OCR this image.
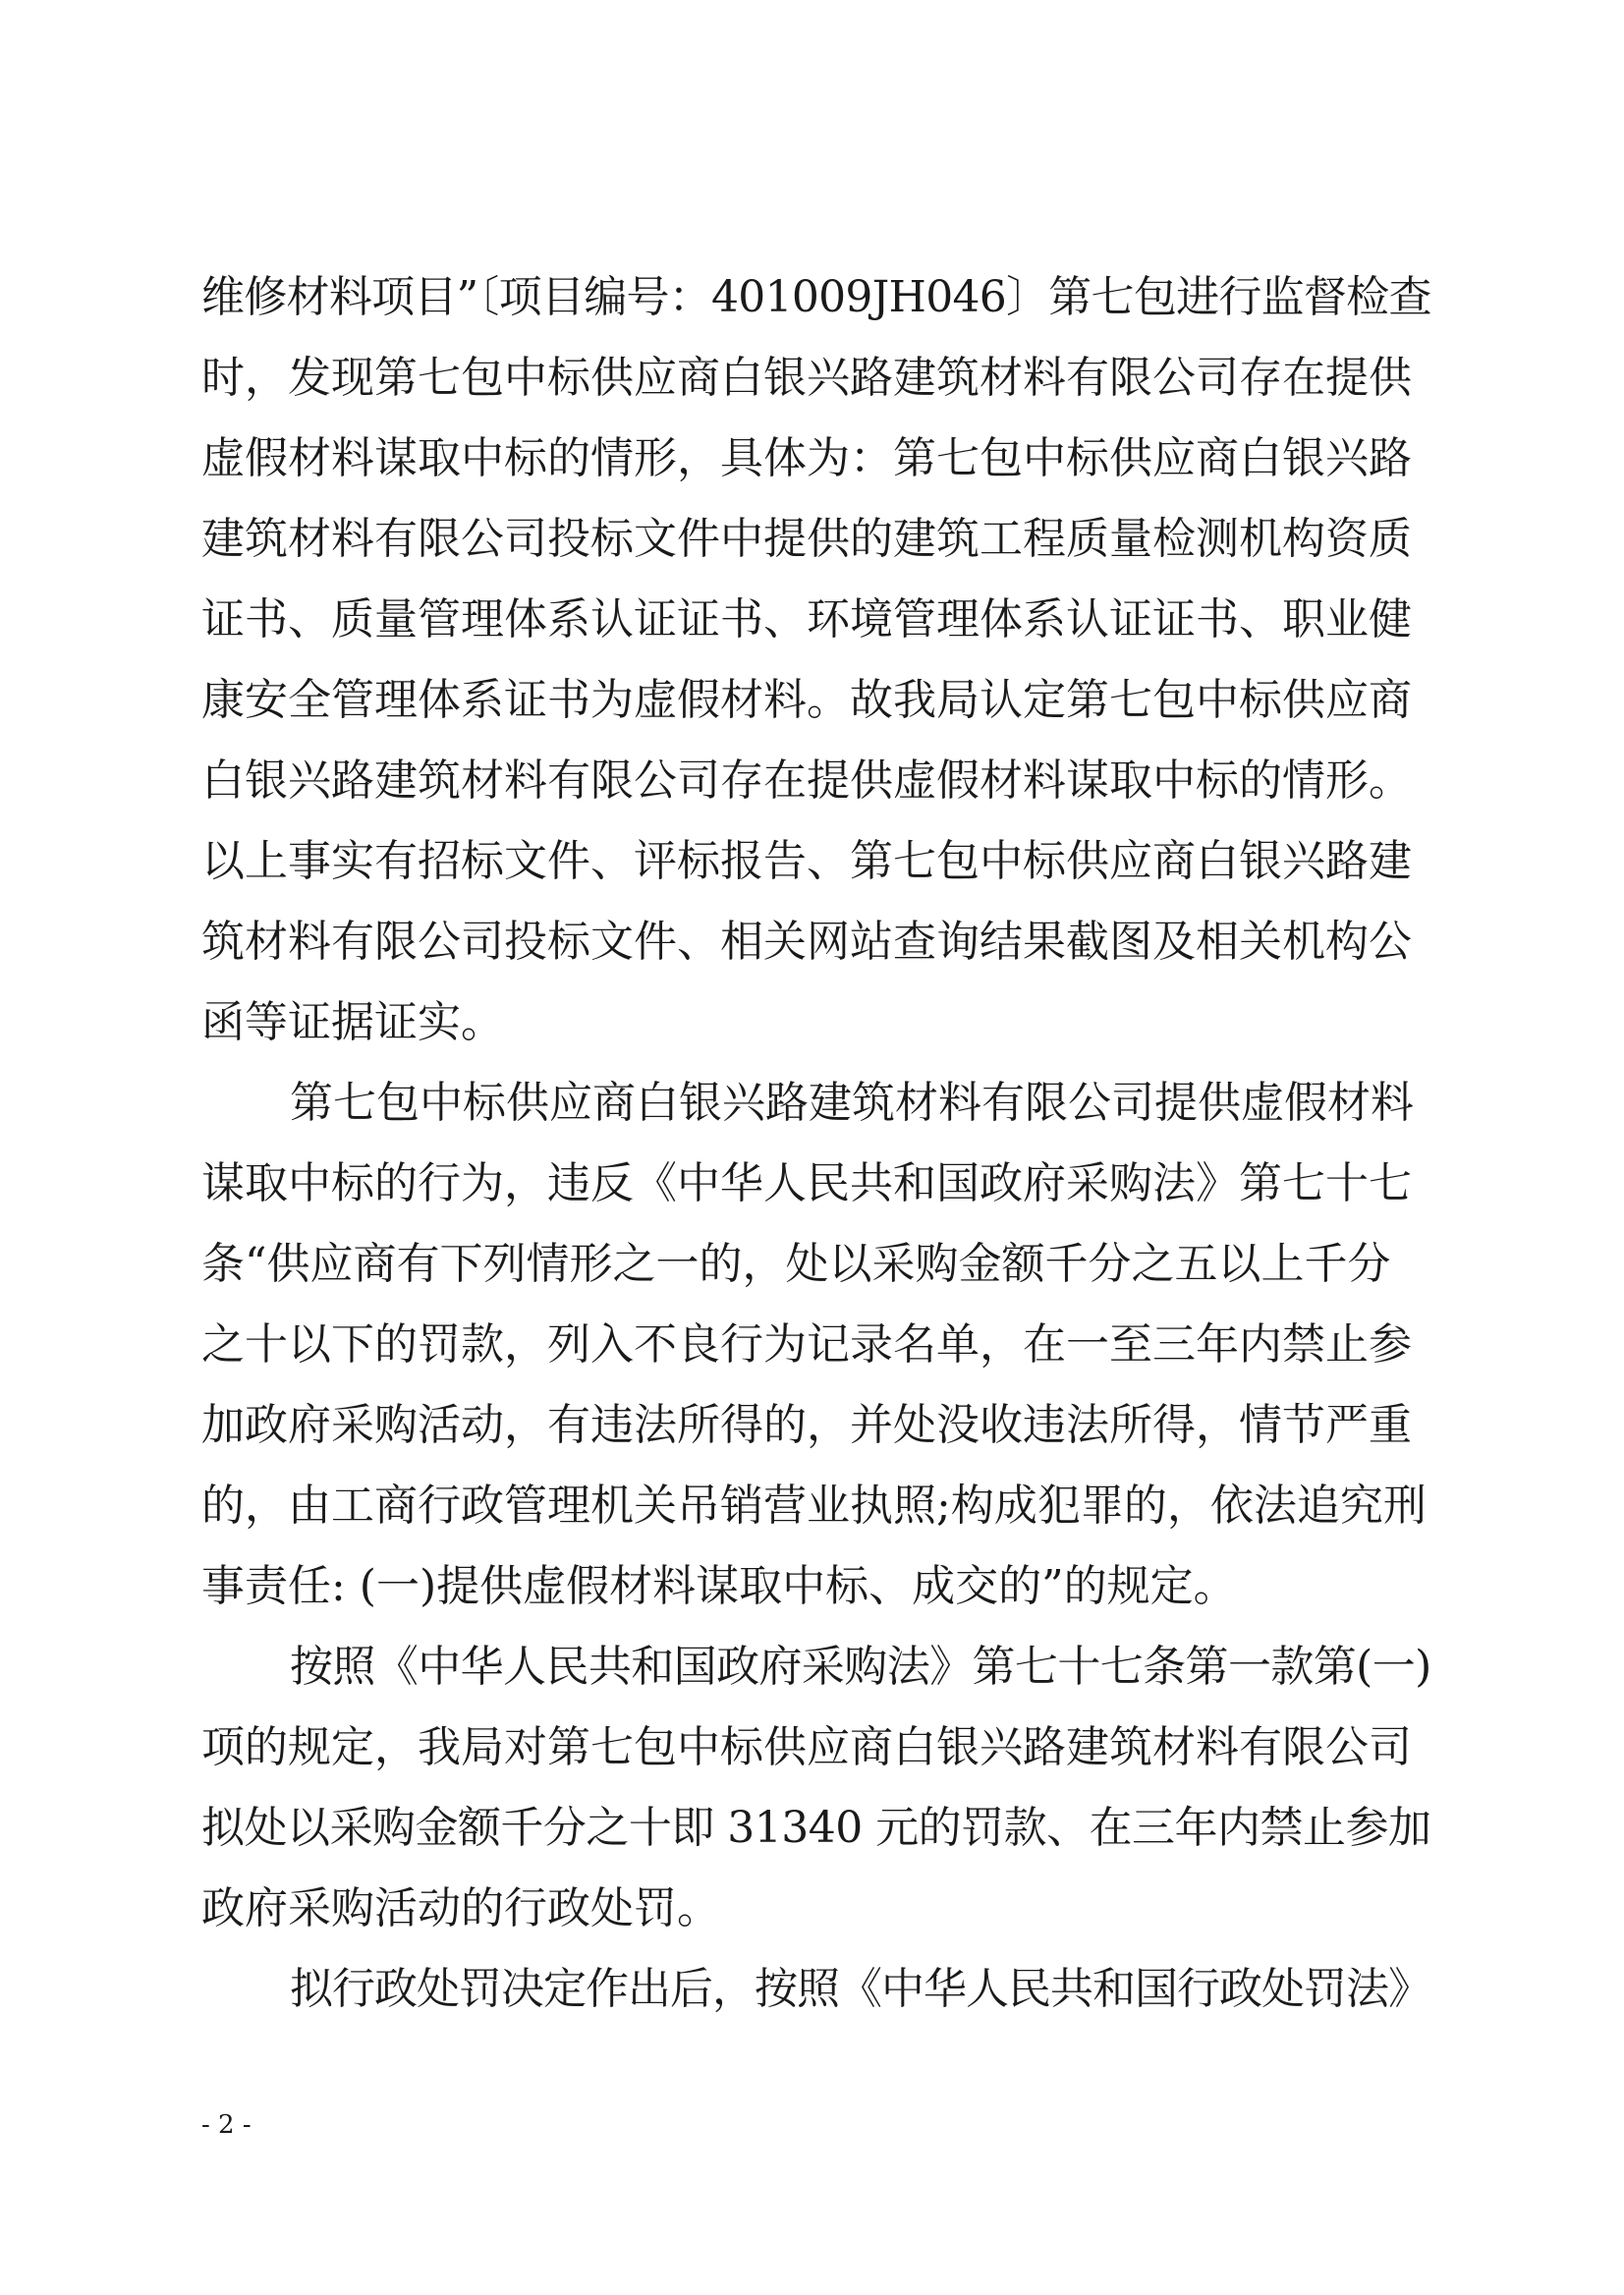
维修材料项目”〔项目编号：401009JH046〕第七包进行监督检查
时，发现第七包中标供应商白银兴路建筑材料有限公司存在提供
虚假材料谋取中标的情形，具体为：第七包中标供应商白银兴路
建筑材料有限公司投标文件中提供的建筑工程质量检测机构资质
证书、质量管理体系认证证书、环境管理体系认证证书、职业健
康安全管理体系证书为虚假材料。故我局认定第七包中标供应商
白银兴路建筑材料有限公司存在提供虚假材料谋取中标的情形。
以上事实有招标文件、评标报告、第七包中标供应商白银兴路建
筑材料有限公司投标文件、相关网站查询结果截图及相关机构公
函等证据证实。
第七包中标供应商白银兴路建筑材料有限公司提供虚假材料
谋取中标的行为，违反《中华人民共和国政府采购法》第七十七
条“供应商有下列情形之一的，处以采购金额千分之五以上千分
之十以下的罚款，列入不良行为记录名单，在一至三年内禁止参
加政府采购活动，有违法所得的，并处没收违法所得，情节严重
的，由工商行政管理机关吊销营业执照;构成犯罪的，依法追究刑
事责任: (一)提供虚假材料谋取中标、成交的”的规定。
按照《中华人民共和国政府采购法》第七十七条第一款第(一)
项的规定，我局对第七包中标供应商白银兴路建筑材料有限公司
拟处以采购金额千分之十即 31340 元的罚款、在三年内禁止参加
政府采购活动的行政处罚。
拟行政处罚决定作出后，按照《中华人民共和国行政处罚法》
- 2 -
